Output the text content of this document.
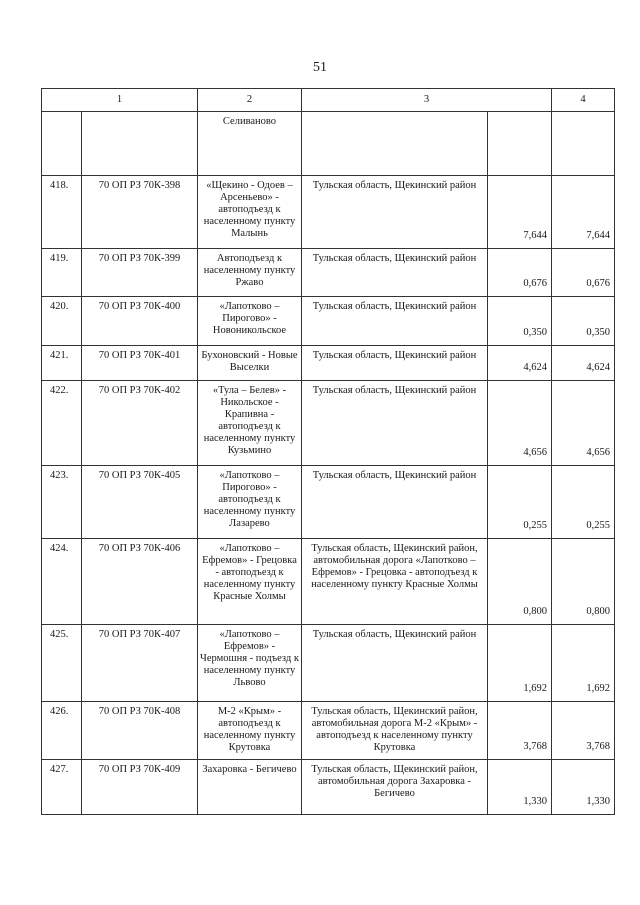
51
1		2	3		4
		Селиваново			
418.	70 ОП РЗ 70К-398	«Щекино - Одоев – Арсеньево» - автоподъезд к населенному пункту Малынь	Тульская область, Щекинский район	7,644	7,644
419.	70 ОП РЗ 70К-399	Автоподъезд к населенному пункту Ржаво	Тульская область, Щекинский район	0,676	0,676
420.	70 ОП РЗ 70К-400	«Лапотково – Пирогово» - Новоникольское	Тульская область, Щекинский район	0,350	0,350
421.	70 ОП РЗ 70К-401	Бухоновский - Новые Выселки	Тульская область, Щекинский район	4,624	4,624
422.	70 ОП РЗ 70К-402	«Тула – Белев» - Никольское - Крапивна - автоподъезд к населенному пункту Кузьмино	Тульская область, Щекинский район	4,656	4,656
423.	70 ОП РЗ 70К-405	«Лапотково – Пирогово» - автоподъезд к населенному пункту Лазарево	Тульская область, Щекинский район	0,255	0,255
424.	70 ОП РЗ 70К-406	«Лапотково – Ефремов» - Грецовка - автоподъезд к населенному пункту Красные Холмы	Тульская область, Щекинский район, автомобильная дорога «Лапотково – Ефремов» - Грецовка - автоподъезд к населенному пункту Красные Холмы	0,800	0,800
425.	70 ОП РЗ 70К-407	«Лапотково – Ефремов» - Чермошня - подъезд к населенному пункту Львово	Тульская область, Щекинский район	1,692	1,692
426.	70 ОП РЗ 70К-408	М-2 «Крым» - автоподъезд к населенному пункту Крутовка	Тульская область, Щекинский район, автомобильная дорога М-2 «Крым» - автоподъезд к населенному пункту Крутовка	3,768	3,768
427.	70 ОП РЗ 70К-409	Захаровка - Бегичево	Тульская область, Щекинский район, автомобильная дорога Захаровка - Бегичево	1,330	1,330
